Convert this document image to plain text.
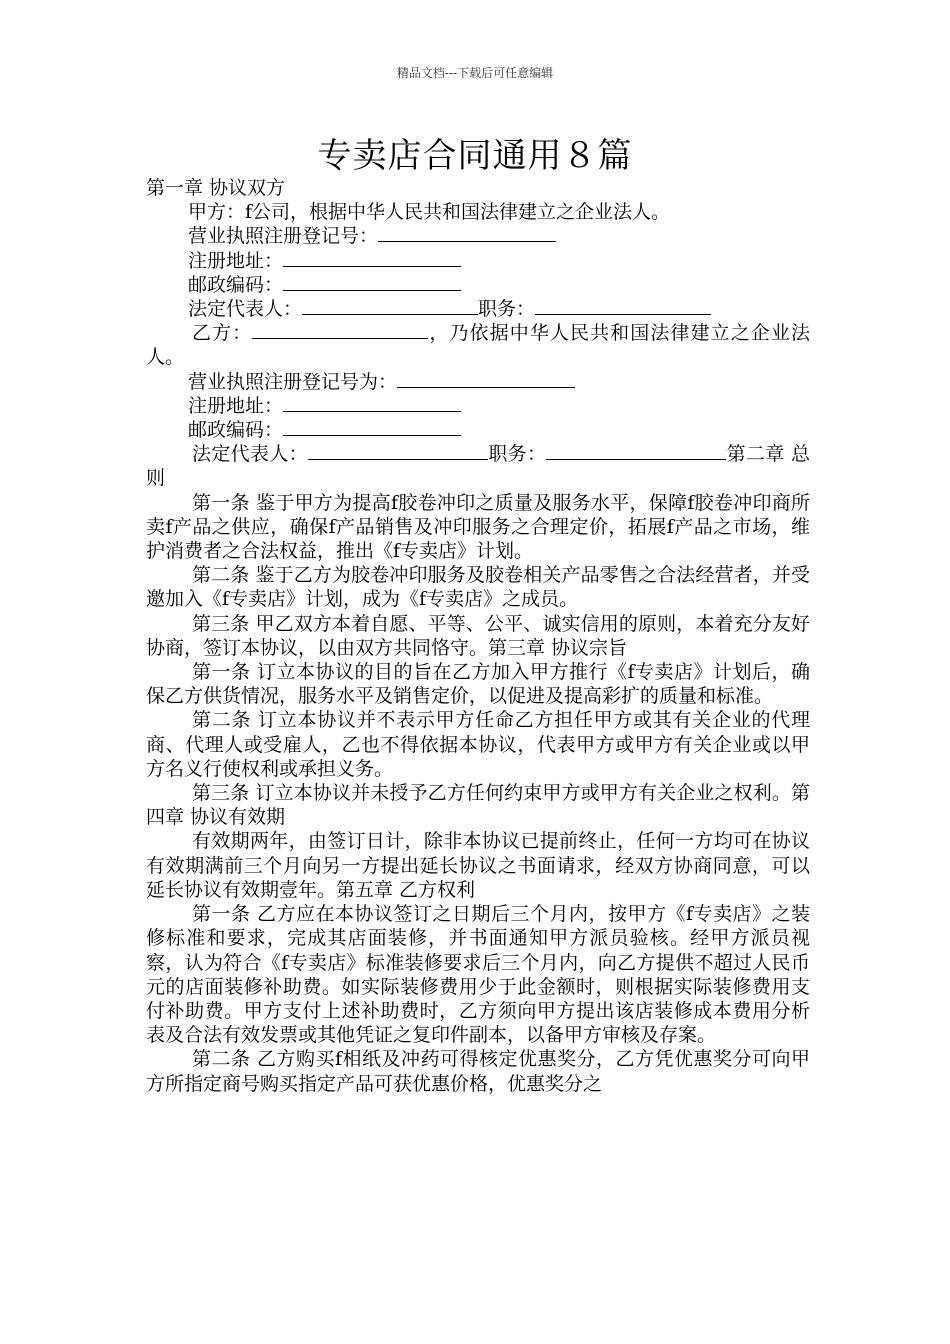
精品文档---下载后可任意编辑
专卖店合同通用８篇

第一章 协议双方

甲方：f公司，根据中华人民共和国法律建立之企业法人。

营业执照注册登记号：

注册地址：

邮政编码：

法定代表人：	职务：

乙方：	，乃依据中华人民共和国法律建立之企业法人。

营业执照注册登记号为：

注册地址：

邮政编码：

法定代表人：	职务：	第二章 总则

第一条 鉴于甲方为提高f胶卷冲印之质量及服务水平，保障f胶卷冲印商所卖f产品之供应，确保f产品销售及冲印服务之合理定价，拓展f产品之市场，维护消费者之合法权益，推出《f专卖店》计划。

第二条 鉴于乙方为胶卷冲印服务及胶卷相关产品零售之合法经营者，并受邀加入《f专卖店》计划，成为《f专卖店》之成员。

第三条 甲乙双方本着自愿、平等、公平、诚实信用的原则，本着充分友好协商，签订本协议，以由双方共同恪守。第三章 协议宗旨

第一条 订立本协议的目的旨在乙方加入甲方推行《f专卖店》计划后，确保乙方供货情况，服务水平及销售定价，以促进及提高彩扩的质量和标准。

第二条 订立本协议并不表示甲方任命乙方担任甲方或其有关企业的代理商、代理人或受雇人，乙也不得依据本协议，代表甲方或甲方有关企业或以甲方名义行使权利或承担义务。

第三条 订立本协议并未授予乙方任何约束甲方或甲方有关企业之权利。第四章 协议有效期

有效期两年，由签订日计，除非本协议已提前终止，任何一方均可在协议有效期满前三个月向另一方提出延长协议之书面请求，经双方协商同意，可以延长协议有效期壹年。第五章 乙方权利

第一条 乙方应在本协议签订之日期后三个月内，按甲方《f专卖店》之装修标准和要求，完成其店面装修，并书面通知甲方派员验核。经甲方派员视察，认为符合《f专卖店》标准装修要求后三个月内，向乙方提供不超过人民币 元的店面装修补助费。如实际装修费用少于此金额时，则根据实际装修费用支付补助费。甲方支付上述补助费时，乙方须向甲方提出该店装修成本费用分析表及合法有效发票或其他凭证之复印件副本，以备甲方审核及存案。

第二条 乙方购买f相纸及冲药可得核定优惠奖分，乙方凭优惠奖分可向甲方所指定商号购买指定产品可获优惠价格，优惠奖分之
